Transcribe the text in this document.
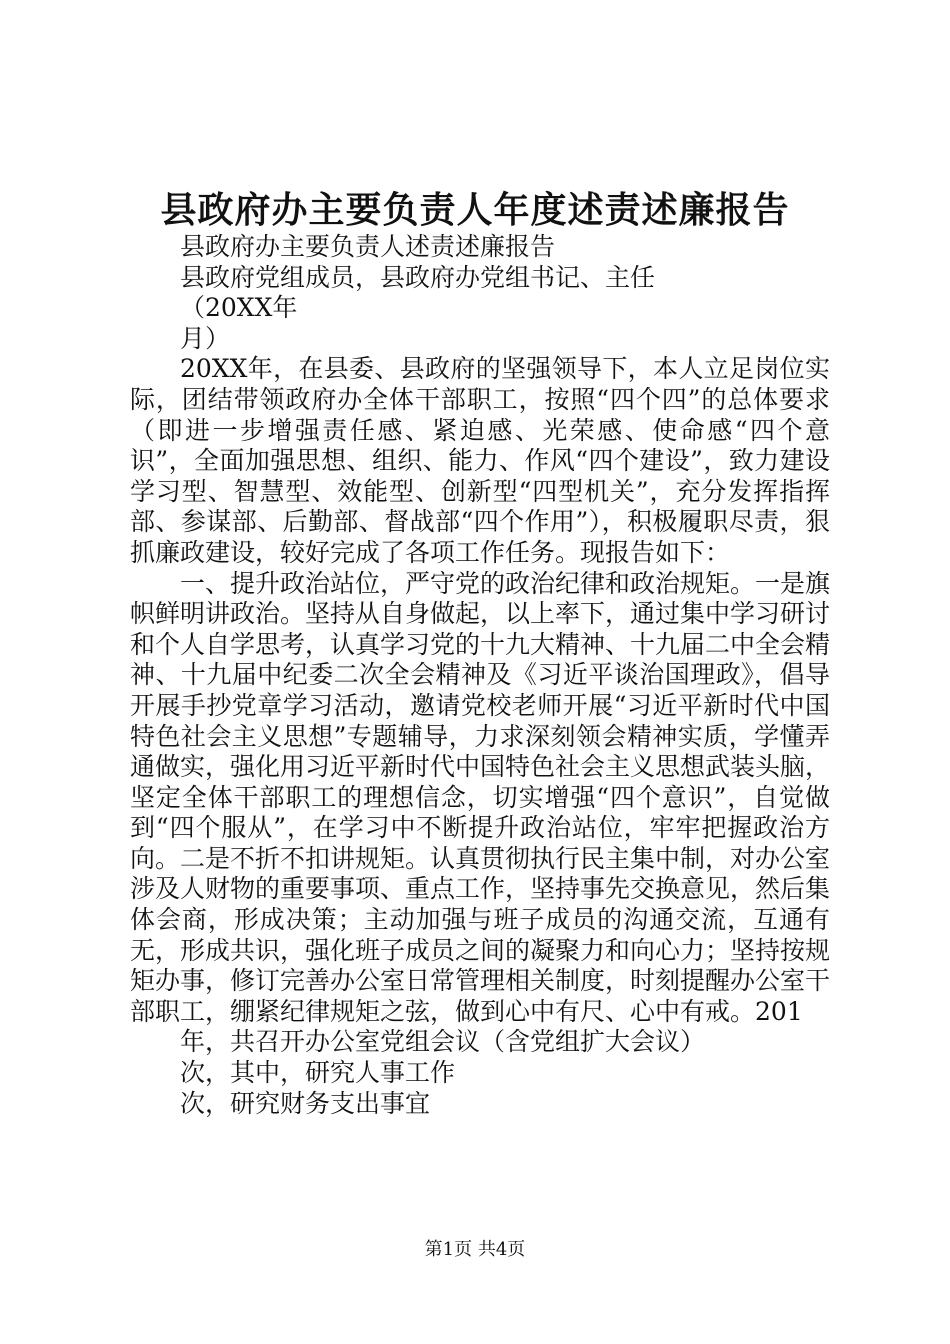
县政府办主要负责人年度述责述廉报告

县政府办主要负责人述责述廉报告

县政府党组成员，县政府办党组书记、主任

（20XX年

月）

20XX年，在县委、县政府的坚强领导下，本人立足岗位实际，团结带领政府办全体干部职工，按照“四个四”的总体要求（即进一步增强责任感、紧迫感、光荣感、使命感“四个意识”，全面加强思想、组织、能力、作风“四个建设”，致力建设学习型、智慧型、效能型、创新型“四型机关”，充分发挥指挥部、参谋部、后勤部、督战部“四个作用”），积极履职尽责，狠抓廉政建设，较好完成了各项工作任务。现报告如下：

一、提升政治站位，严守党的政治纪律和政治规矩。一是旗帜鲜明讲政治。坚持从自身做起，以上率下，通过集中学习研讨和个人自学思考，认真学习党的十九大精神、十九届二中全会精神、十九届中纪委二次全会精神及《习近平谈治国理政》，倡导开展手抄党章学习活动，邀请党校老师开展“习近平新时代中国特色社会主义思想”专题辅导，力求深刻领会精神实质，学懂弄通做实，强化用习近平新时代中国特色社会主义思想武装头脑，坚定全体干部职工的理想信念，切实增强“四个意识”，自觉做到“四个服从”，在学习中不断提升政治站位，牢牢把握政治方向。二是不折不扣讲规矩。认真贯彻执行民主集中制，对办公室涉及人财物的重要事项、重点工作，坚持事先交换意见，然后集体会商，形成决策；主动加强与班子成员的沟通交流，互通有无，形成共识，强化班子成员之间的凝聚力和向心力；坚持按规矩办事，修订完善办公室日常管理相关制度，时刻提醒办公室干部职工，绷紧纪律规矩之弦，做到心中有尺、心中有戒。201

年，共召开办公室党组会议（含党组扩大会议）

次，其中，研究人事工作

次，研究财务支出事宜

第1页 共4页
